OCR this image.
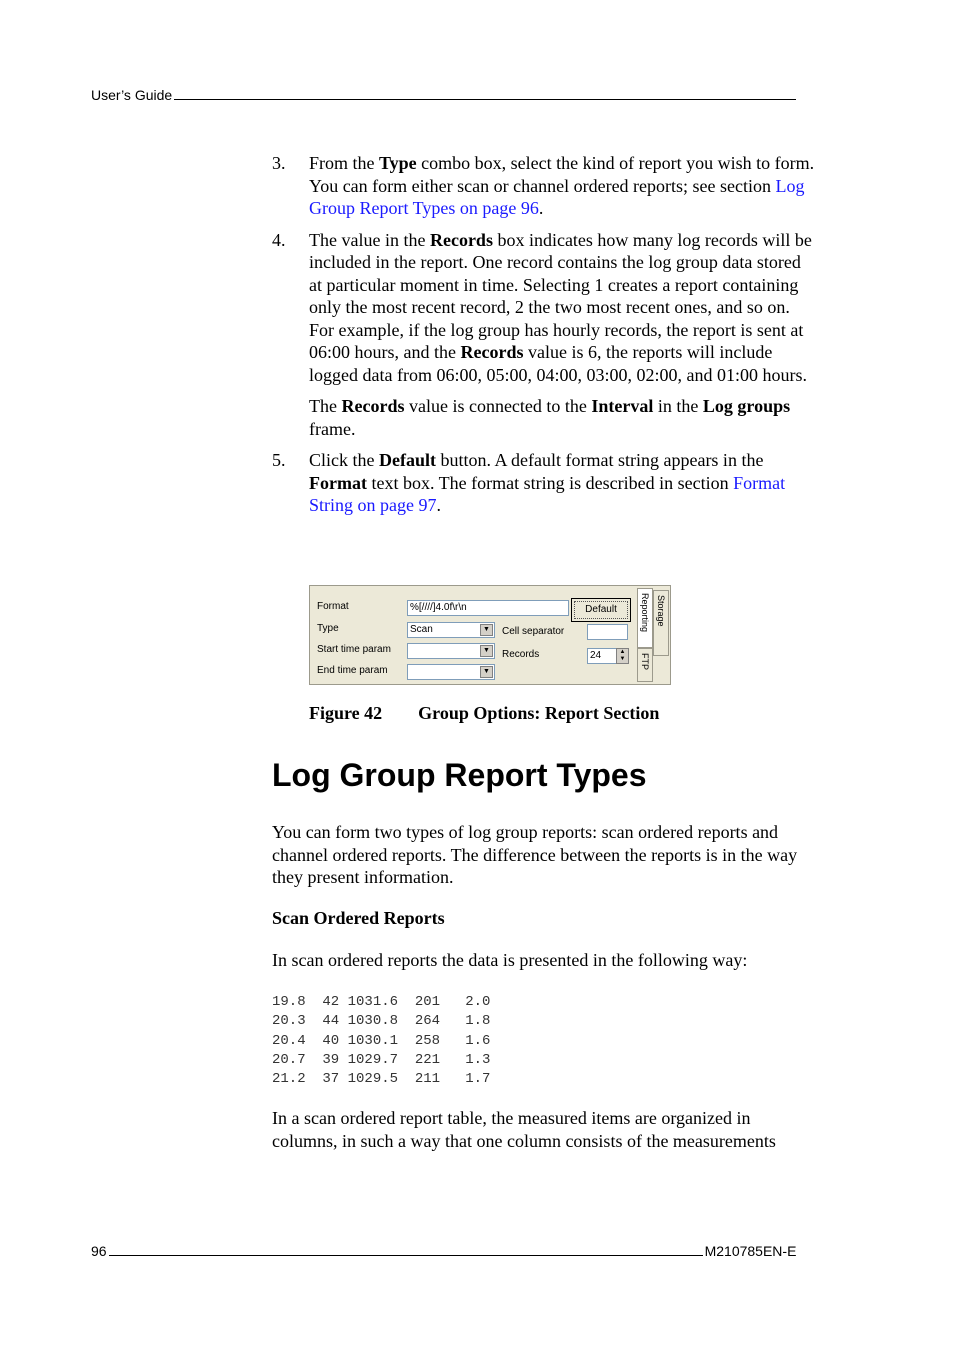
User’s Guide

3. From the Type combo box, select the kind of report you wish to form. You can form either scan or channel ordered reports; see section Log Group Report Types on page 96.

4. The value in the Records box indicates how many log records will be included in the report. One record contains the log group data stored at particular moment in time. Selecting 1 creates a report containing only the most recent record, 2 the two most recent ones, and so on. For example, if the log group has hourly records, the report is sent at 06:00 hours, and the Records value is 6, the reports will include logged data from 06:00, 05:00, 04:00, 03:00, 02:00, and 01:00 hours.

The Records value is connected to the Interval in the Log groups frame.

5. Click the Default button. A default format string appears in the Format text box. The format string is described in section Format String on page 97.

Format	%[////]4.0f\r\n	Default
Type	Scan	▼	Cell separator
Start time param	▼	Records	24	▲
▼
End time param	▼
Reporting Storage
FTP
Figure 42 Group Options: Report Section
Log Group Report Types

You can form two types of log group reports: scan ordered reports and channel ordered reports. The difference between the reports is in the way they present information.

Scan Ordered Reports

In scan ordered reports the data is presented in the following way:

19.8  42 1031.6  201   2.0
20.3  44 1030.8  264   1.8
20.4  40 1030.1  258   1.6
20.7  39 1029.7  221   1.3
21.2  37 1029.5  211   1.7

In a scan ordered report table, the measured items are organized in columns, in such a way that one column consists of the measurements

96	M210785EN-E
